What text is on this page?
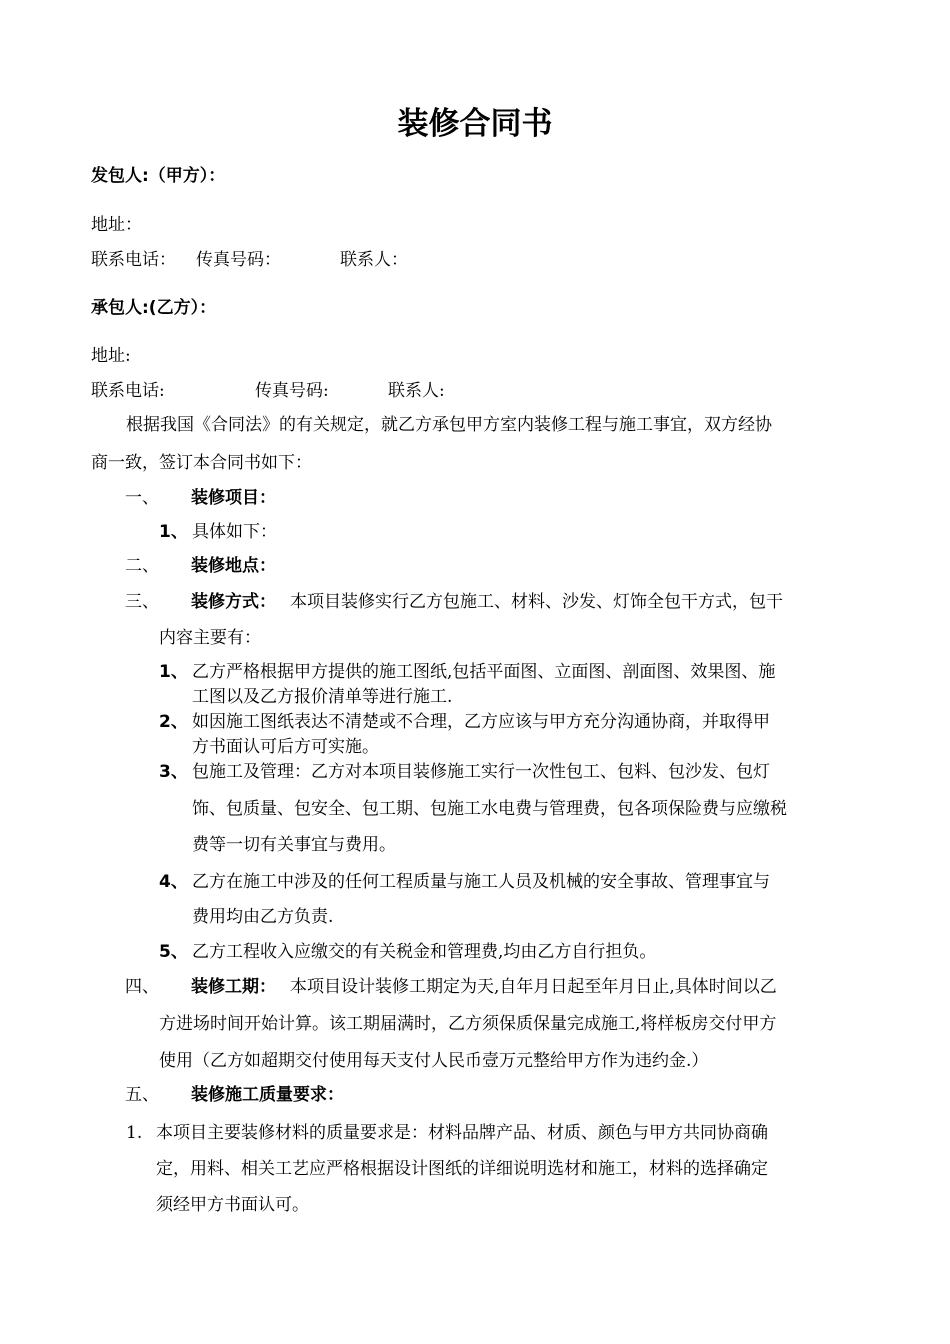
装修合同书
发包人:（甲方）：
地址：
联系电话： 传真号码：	联系人：
承包人:(乙方）：
地址:
联系电话:	传真号码:	联系人:
根据我国《合同法》的有关规定，就乙方承包甲方室内装修工程与施工事宜，双方经协
商一致，签订本合同书如下：
一、 装修项目：
1、 具体如下：
二、 装修地点：
三、 装修方式： 本项目装修实行乙方包施工、材料、沙发、灯饰全包干方式，包干
内容主要有：
1、 乙方严格根据甲方提供的施工图纸,包括平面图、立面图、剖面图、效果图、施
工图以及乙方报价清单等进行施工.
2、 如因施工图纸表达不清楚或不合理，乙方应该与甲方充分沟通协商，并取得甲
方书面认可后方可实施。
3、 包施工及管理：乙方对本项目装修施工实行一次性包工、包料、包沙发、包灯
饰、包质量、包安全、包工期、包施工水电费与管理费，包各项保险费与应缴税
费等一切有关事宜与费用。
4、 乙方在施工中涉及的任何工程质量与施工人员及机械的安全事故、管理事宜与
费用均由乙方负责.
5、 乙方工程收入应缴交的有关税金和管理费,均由乙方自行担负。
四、 装修工期： 本项目设计装修工期定为天,自年月日起至年月日止,具体时间以乙
方进场时间开始计算。该工期届满时，乙方须保质保量完成施工,将样板房交付甲方
使用（乙方如超期交付使用每天支付人民币壹万元整给甲方作为违约金.）
五、 装修施工质量要求：
1. 本项目主要装修材料的质量要求是：材料品牌产品、材质、颜色与甲方共同协商确
定，用料、相关工艺应严格根据设计图纸的详细说明选材和施工，材料的选择确定
须经甲方书面认可。
